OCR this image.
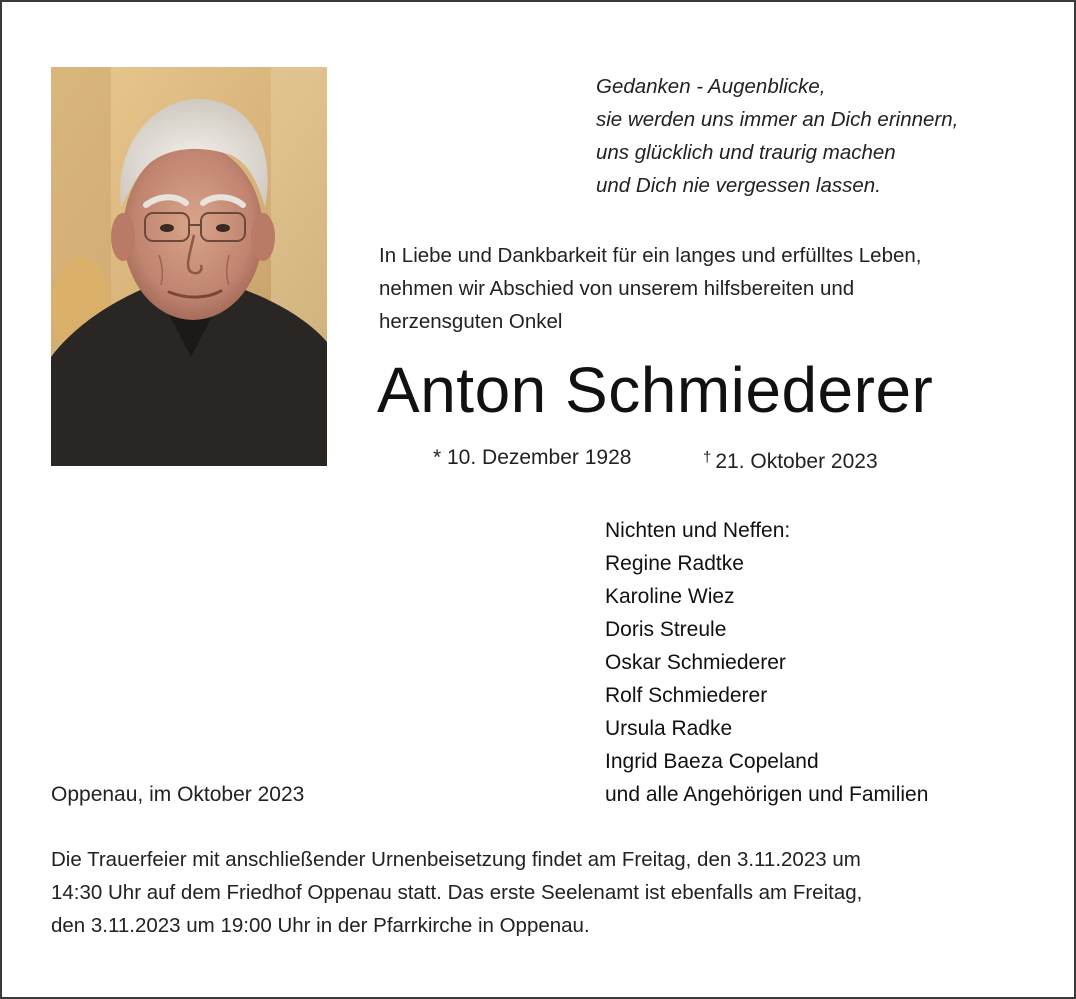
Gedanken - Augenblicke,
sie werden uns immer an Dich erinnern,
uns glücklich und traurig machen
und Dich nie vergessen lassen.
In Liebe und Dankbarkeit für ein langes und erfülltes Leben,
nehmen wir Abschied von unserem hilfsbereiten und
herzensguten Onkel
Anton Schmiederer
* 10. Dezember 1928	† 21. Oktober 2023
Nichten und Neffen:
Regine Radtke
Karoline Wiez
Doris Streule
Oskar Schmiederer
Rolf Schmiederer
Ursula Radke
Ingrid Baeza Copeland
und alle Angehörigen und Familien
Oppenau, im Oktober 2023
Die Trauerfeier mit anschließender Urnenbeisetzung findet am Freitag, den 3.11.2023 um
14:30 Uhr auf dem Friedhof Oppenau statt. Das erste Seelenamt ist ebenfalls am Freitag,
den 3.11.2023 um 19:00 Uhr in der Pfarrkirche in Oppenau.
